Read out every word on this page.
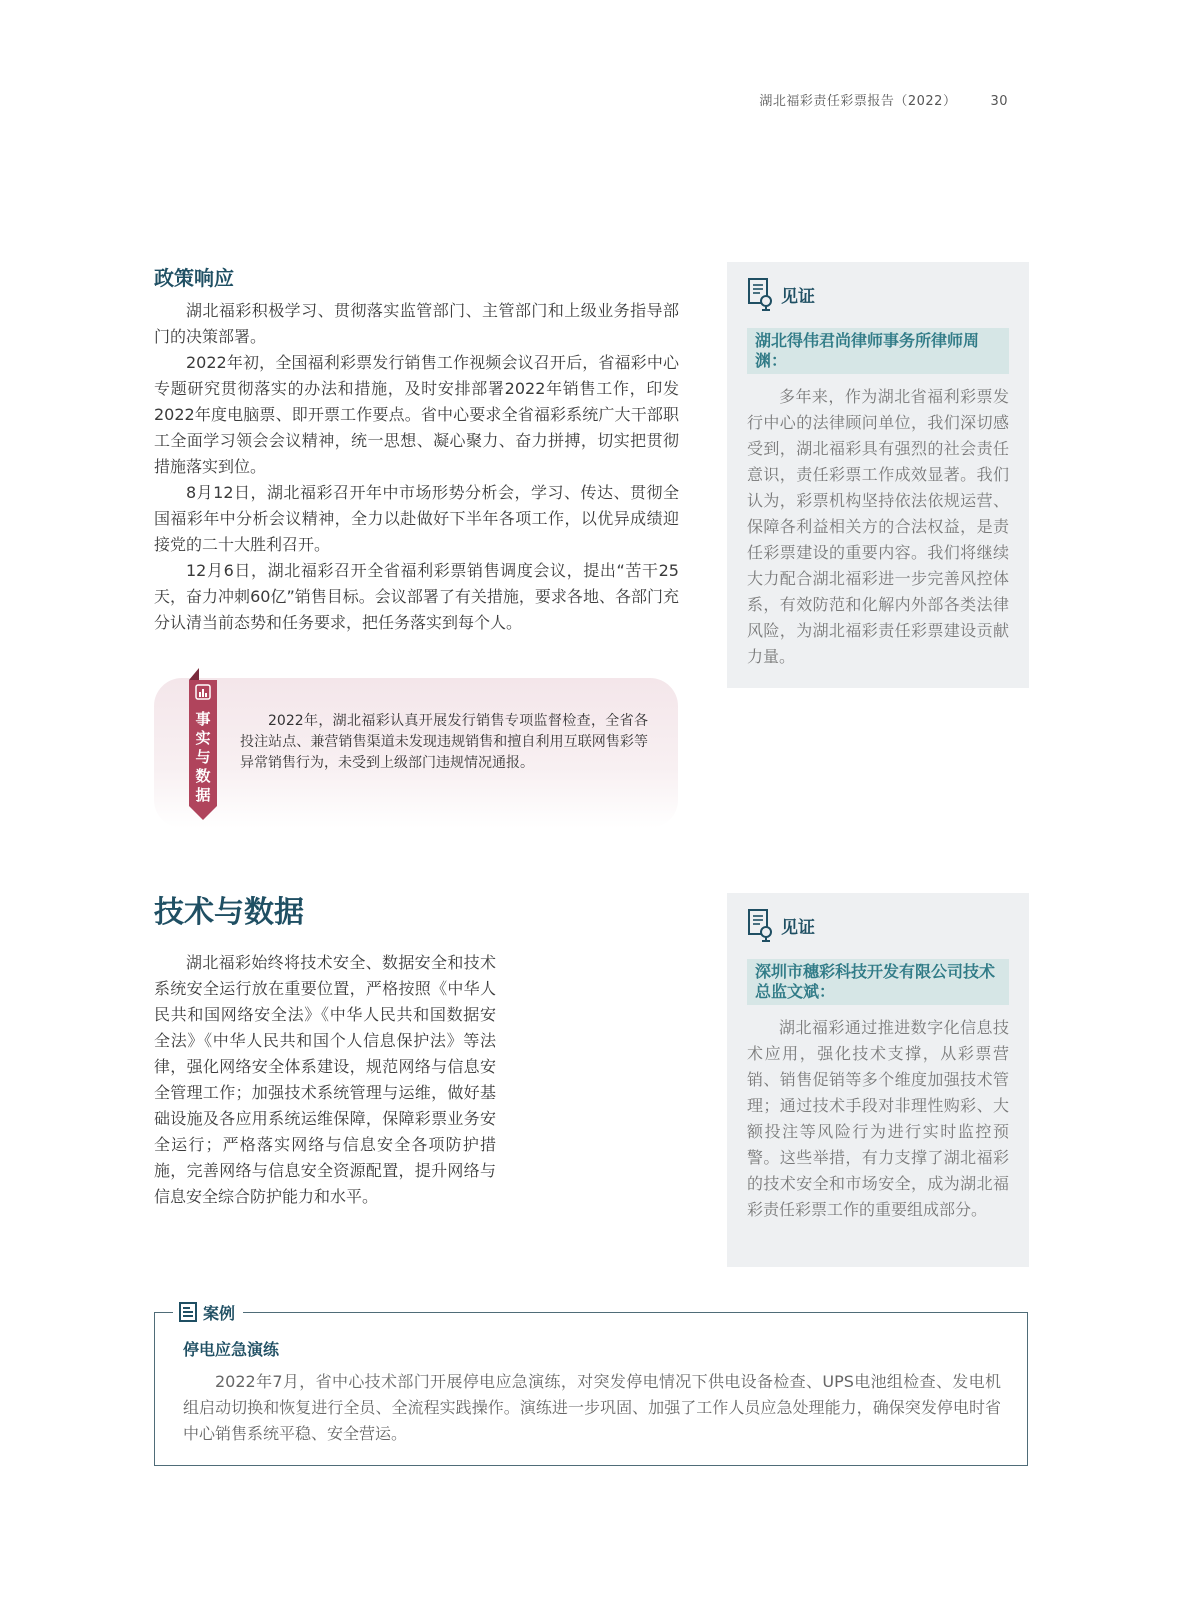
湖北福彩责任彩票报告（2022）	30
政策响应

湖北福彩积极学习、贯彻落实监管部门、主管部门和上级业务指导部门的决策部署。

2022年初，全国福利彩票发行销售工作视频会议召开后，省福彩中心专题研究贯彻落实的办法和措施，及时安排部署2022年销售工作，印发2022年度电脑票、即开票工作要点。省中心要求全省福彩系统广大干部职工全面学习领会会议精神，统一思想、凝心聚力、奋力拼搏，切实把贯彻措施落实到位。

8月12日，湖北福彩召开年中市场形势分析会，学习、传达、贯彻全国福彩年中分析会议精神，全力以赴做好下半年各项工作，以优异成绩迎接党的二十大胜利召开。

12月6日，湖北福彩召开全省福利彩票销售调度会议，提出“苦干25天，奋力冲刺60亿”销售目标。会议部署了有关措施，要求各地、各部门充分认清当前态势和任务要求，把任务落实到每个人。

事实与数据

2022年，湖北福彩认真开展发行销售专项监督检查，全省各投注站点、兼营销售渠道未发现违规销售和擅自利用互联网售彩等异常销售行为，未受到上级部门违规情况通报。

见证
湖北得伟君尚律师事务所律师周渊：

多年来，作为湖北省福利彩票发行中心的法律顾问单位，我们深切感受到，湖北福彩具有强烈的社会责任意识，责任彩票工作成效显著。我们认为，彩票机构坚持依法依规运营、保障各利益相关方的合法权益，是责任彩票建设的重要内容。我们将继续大力配合湖北福彩进一步完善风控体系，有效防范和化解内外部各类法律风险，为湖北福彩责任彩票建设贡献力量。

技术与数据

湖北福彩始终将技术安全、数据安全和技术系统安全运行放在重要位置，严格按照《中华人民共和国网络安全法》《中华人民共和国数据安全法》《中华人民共和国个人信息保护法》等法律，强化网络安全体系建设，规范网络与信息安全管理工作；加强技术系统管理与运维，做好基础设施及各应用系统运维保障，保障彩票业务安全运行；严格落实网络与信息安全各项防护措施，完善网络与信息安全资源配置，提升网络与信息安全综合防护能力和水平。

见证
深圳市穗彩科技开发有限公司技术总监文斌：

湖北福彩通过推进数字化信息技术应用，强化技术支撑，从彩票营销、销售促销等多个维度加强技术管理；通过技术手段对非理性购彩、大额投注等风险行为进行实时监控预警。这些举措，有力支撑了湖北福彩的技术安全和市场安全，成为湖北福彩责任彩票工作的重要组成部分。

案例
停电应急演练

2022年7月，省中心技术部门开展停电应急演练，对突发停电情况下供电设备检查、UPS电池组检查、发电机组启动切换和恢复进行全员、全流程实践操作。演练进一步巩固、加强了工作人员应急处理能力，确保突发停电时省中心销售系统平稳、安全营运。
